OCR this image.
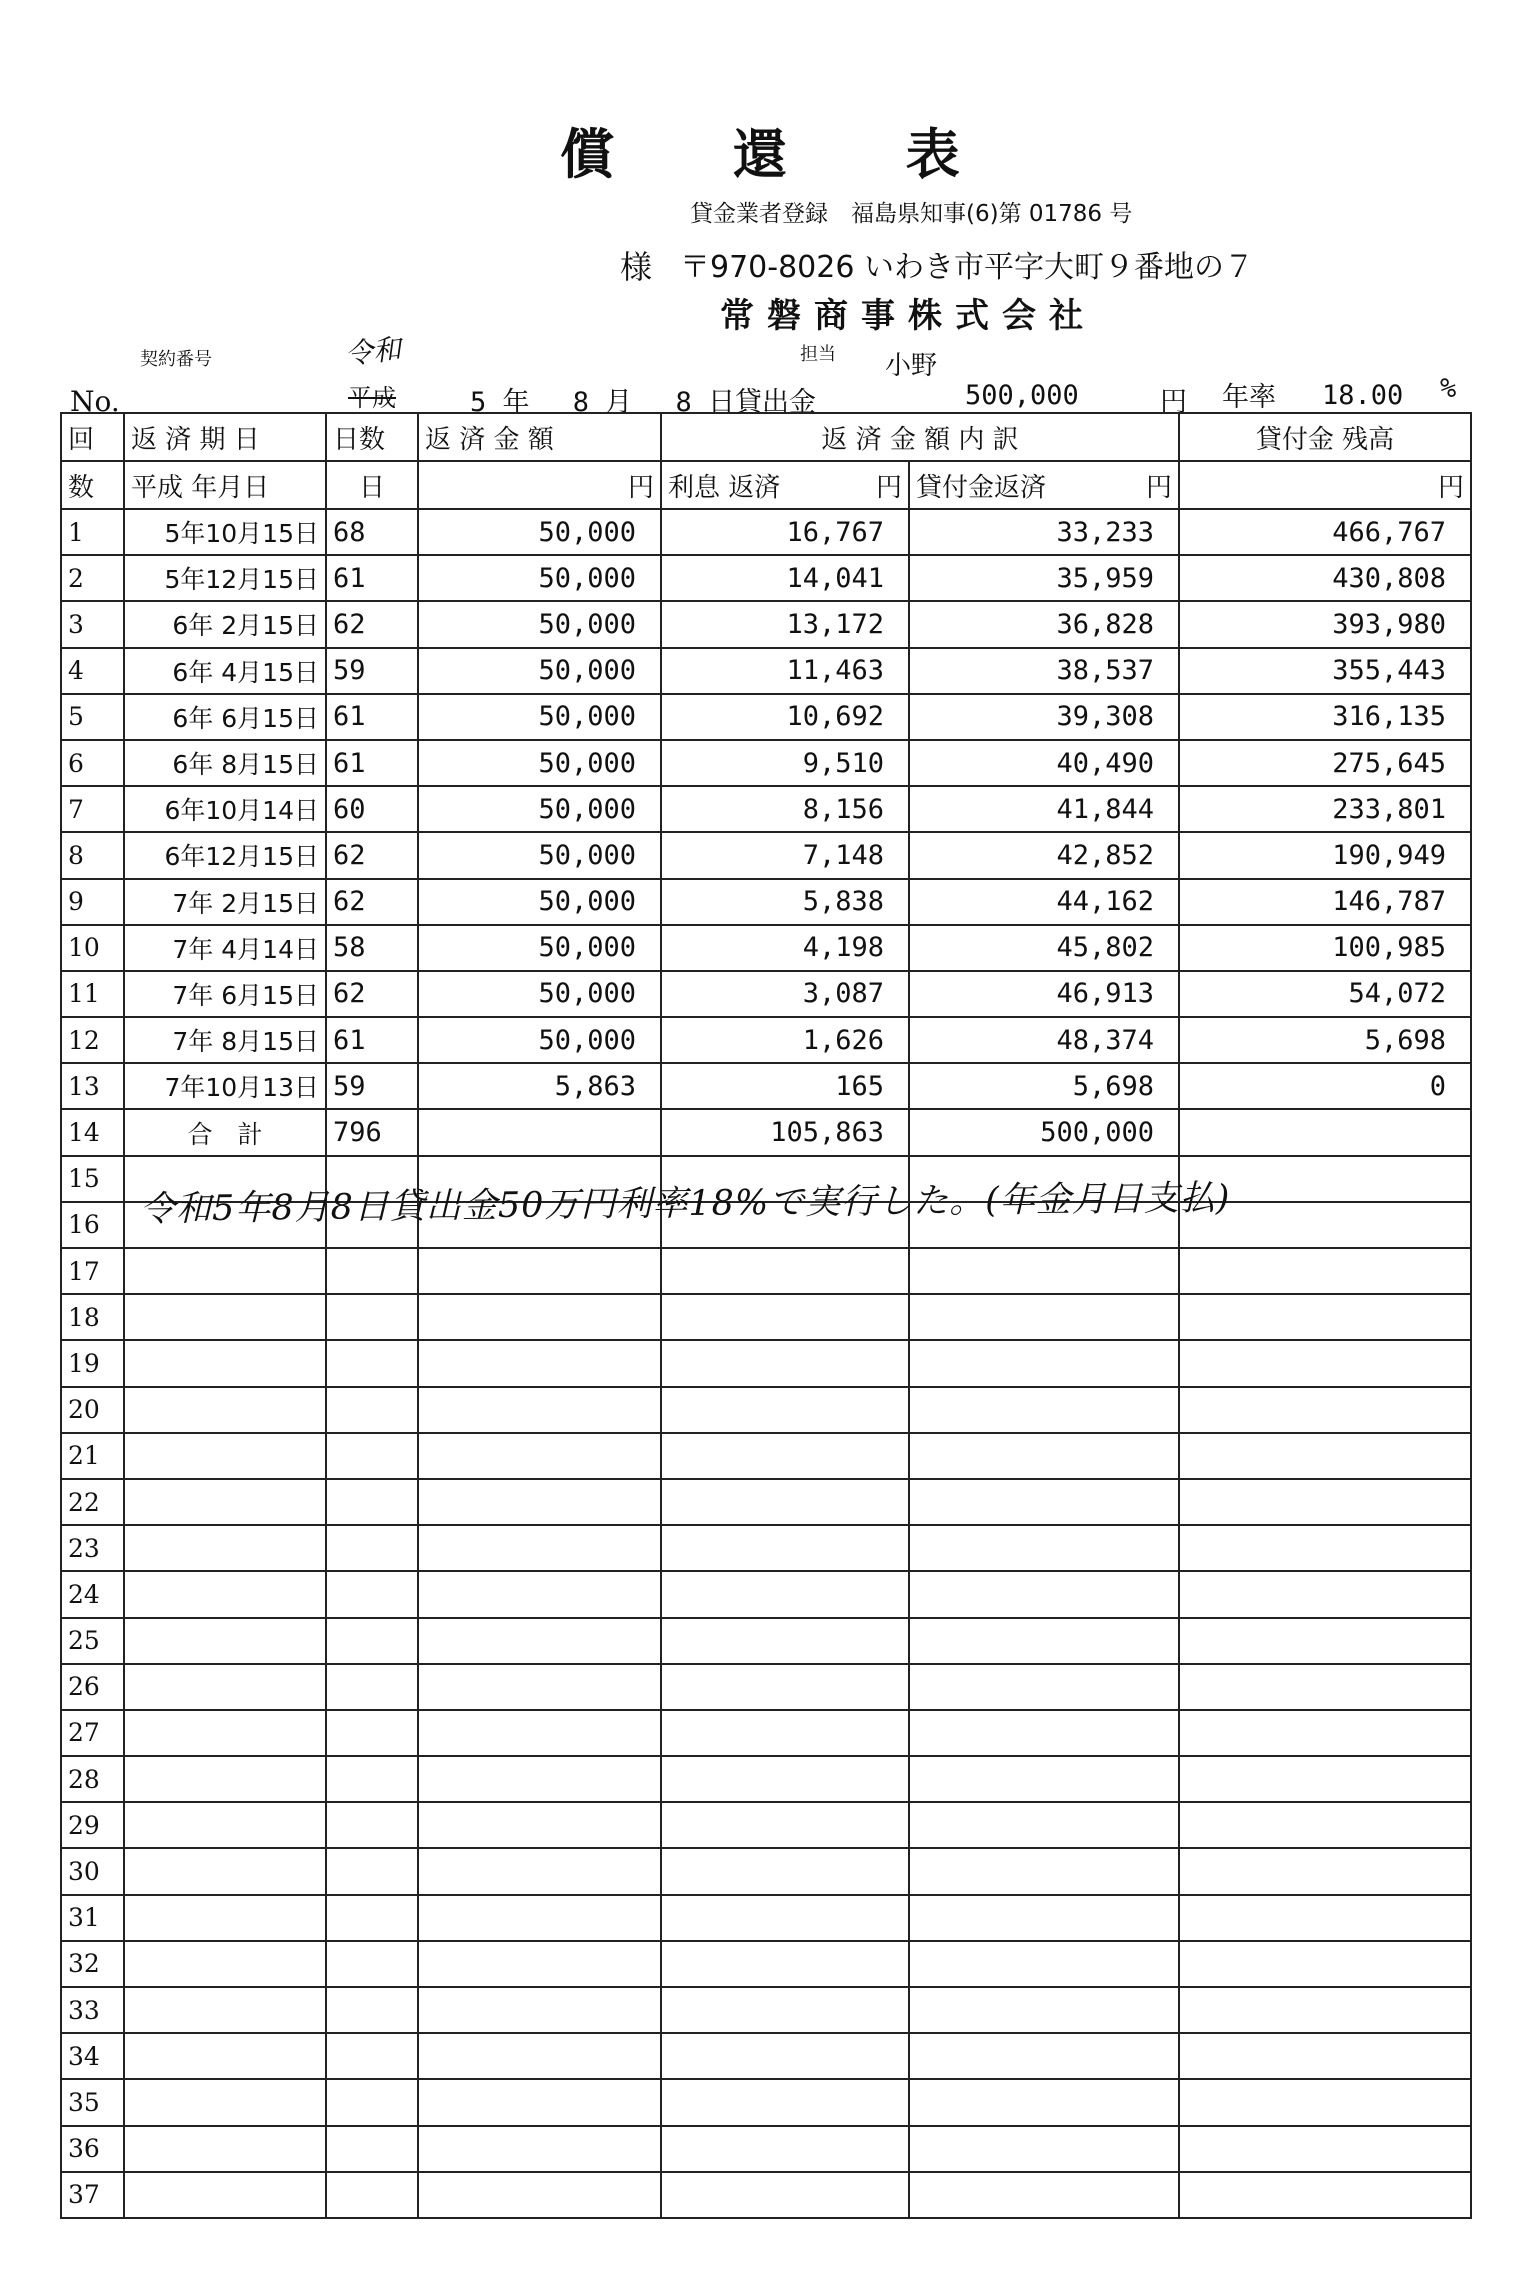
償 還 表
貸金業者登録　福島県知事(6)第 01786 号
様 〒970-8026 いわき市平字大町９番地の７
常磐商事株式会社
担当 小野
契約番号	令和
平成
No.	5 年　 8 月　 8 日貸出金	500,000	円 年率 18.00 %
回	返 済 期 日	日数	返 済 金 額	返 済 金 額 内 訳		貸付金 残高
数	平成 年月日	日	円	利息 返済 円	貸付金返済 円	円

1	5年10月15日	68	50,000	16,767	33,233	466,767
2	5年12月15日	61	50,000	14,041	35,959	430,808
3	6年 2月15日	62	50,000	13,172	36,828	393,980
4	6年 4月15日	59	50,000	11,463	38,537	355,443
5	6年 6月15日	61	50,000	10,692	39,308	316,135
6	6年 8月15日	61	50,000	9,510	40,490	275,645
7	6年10月14日	60	50,000	8,156	41,844	233,801
8	6年12月15日	62	50,000	7,148	42,852	190,949
9	7年 2月15日	62	50,000	5,838	44,162	146,787
10	7年 4月14日	58	50,000	4,198	45,802	100,985
11	7年 6月15日	62	50,000	3,087	46,913	54,072
12	7年 8月15日	61	50,000	1,626	48,374	5,698
13	7年10月13日	59	5,863	165	5,698	0
14	合　計	796		105,863	500,000	
15						
16						
17						
18						
19						
20						
21						
22						
23						
24						
25						
26						
27						
28						
29						
30						
31						
32						
33						
34						
35						
36						
37						
令和5年8月8日貸出金50万円利率18%で実行した。(年金月日支払)
